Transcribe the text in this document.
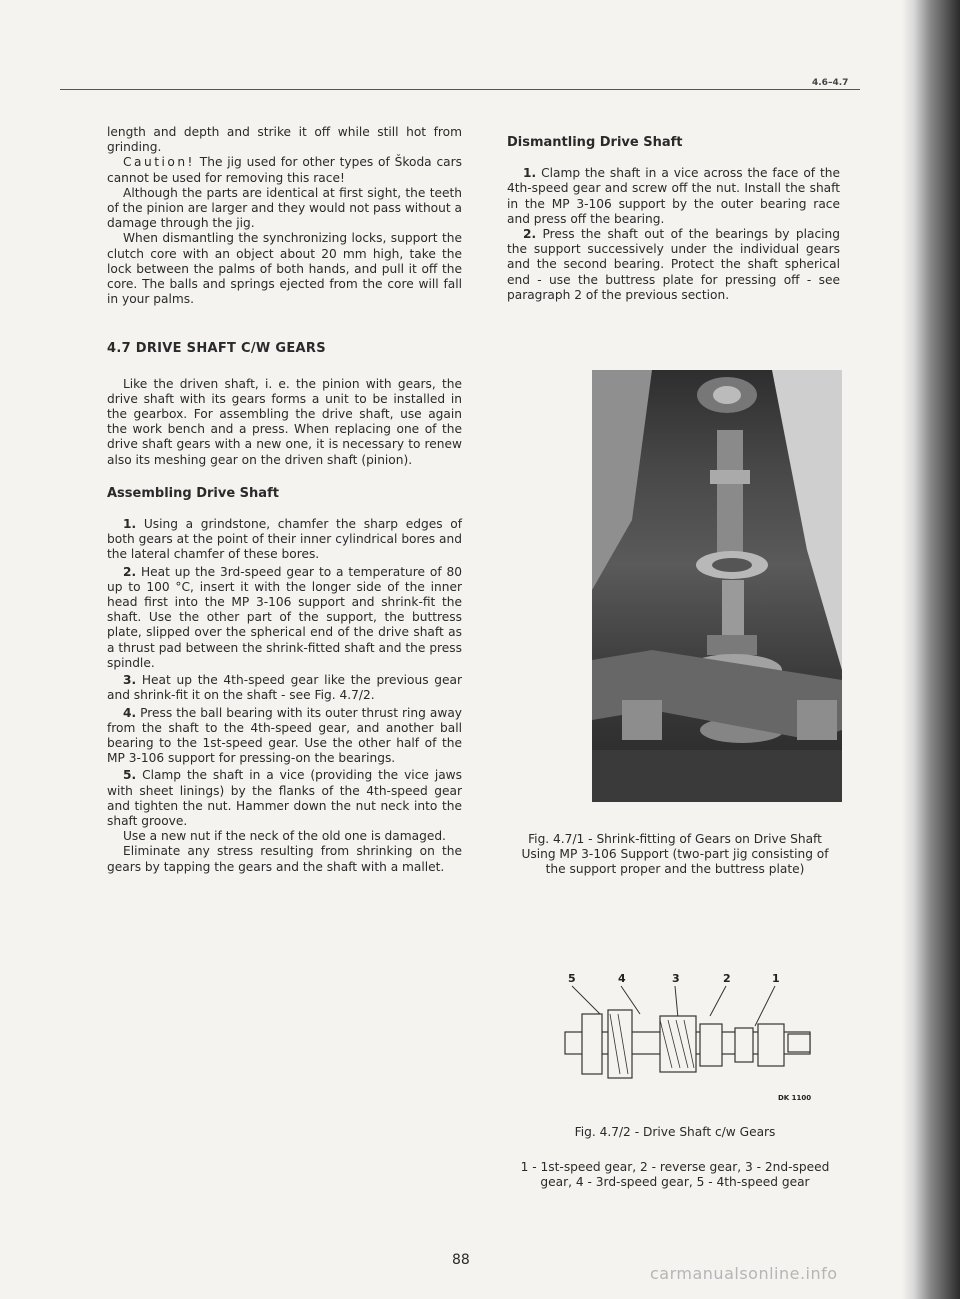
4.6–4.7

length and depth and strike it off while still hot from grinding.

Caution! The jig used for other types of Škoda cars cannot be used for removing this race!

Although the parts are identical at first sight, the teeth of the pinion are larger and they would not pass without a damage through the jig.

When dismantling the synchronizing locks, support the clutch core with an object about 20 mm high, take the lock between the palms of both hands, and pull it off the core. The balls and springs ejected from the core will fall in your palms.

4.7 DRIVE SHAFT C/W GEARS

Like the driven shaft, i. e. the pinion with gears, the drive shaft with its gears forms a unit to be installed in the gearbox. For assembling the drive shaft, use again the work bench and a press. When replacing one of the drive shaft gears with a new one, it is necessary to renew also its meshing gear on the driven shaft (pinion).

Assembling Drive Shaft

1. Using a grindstone, chamfer the sharp edges of both gears at the point of their inner cylindrical bores and the lateral chamfer of these bores.

2. Heat up the 3rd-speed gear to a temperature of 80 up to 100 °C, insert it with the longer side of the inner head first into the MP 3-106 support and shrink-fit the shaft. Use the other part of the support, the buttress plate, slipped over the spherical end of the drive shaft as a thrust pad between the shrink-fitted shaft and the press spindle.

3. Heat up the 4th-speed gear like the previous gear and shrink-fit it on the shaft - see Fig. 4.7/2.

4. Press the ball bearing with its outer thrust ring away from the shaft to the 4th-speed gear, and another ball bearing to the 1st-speed gear. Use the other half of the MP 3-106 support for pressing-on the bearings.

5. Clamp the shaft in a vice (providing the vice jaws with sheet linings) by the flanks of the 4th-speed gear and tighten the nut. Hammer down the nut neck into the shaft groove.

Use a new nut if the neck of the old one is damaged.

Eliminate any stress resulting from shrinking on the gears by tapping the gears and the shaft with a mallet.

Dismantling Drive Shaft

1. Clamp the shaft in a vice across the face of the 4th-speed gear and screw off the nut. Install the shaft in the MP 3-106 support by the outer bearing race and press off the bearing.

2. Press the shaft out of the bearings by placing the support successively under the individual gears and the second bearing. Protect the shaft spherical end - use the buttress plate for pressing off - see paragraph 2 of the previous section.

Fig. 4.7/1 - Shrink-fitting of Gears on Drive Shaft Using MP 3-106 Support (two-part jig consisting of the support proper and the buttress plate)
5	4	3	2	1
DK 1100
Fig. 4.7/2 - Drive Shaft c/w Gears
1 - 1st-speed gear, 2 - reverse gear, 3 - 2nd-speed
gear, 4 - 3rd-speed gear, 5 - 4th-speed gear
88
carmanualsonline.info
